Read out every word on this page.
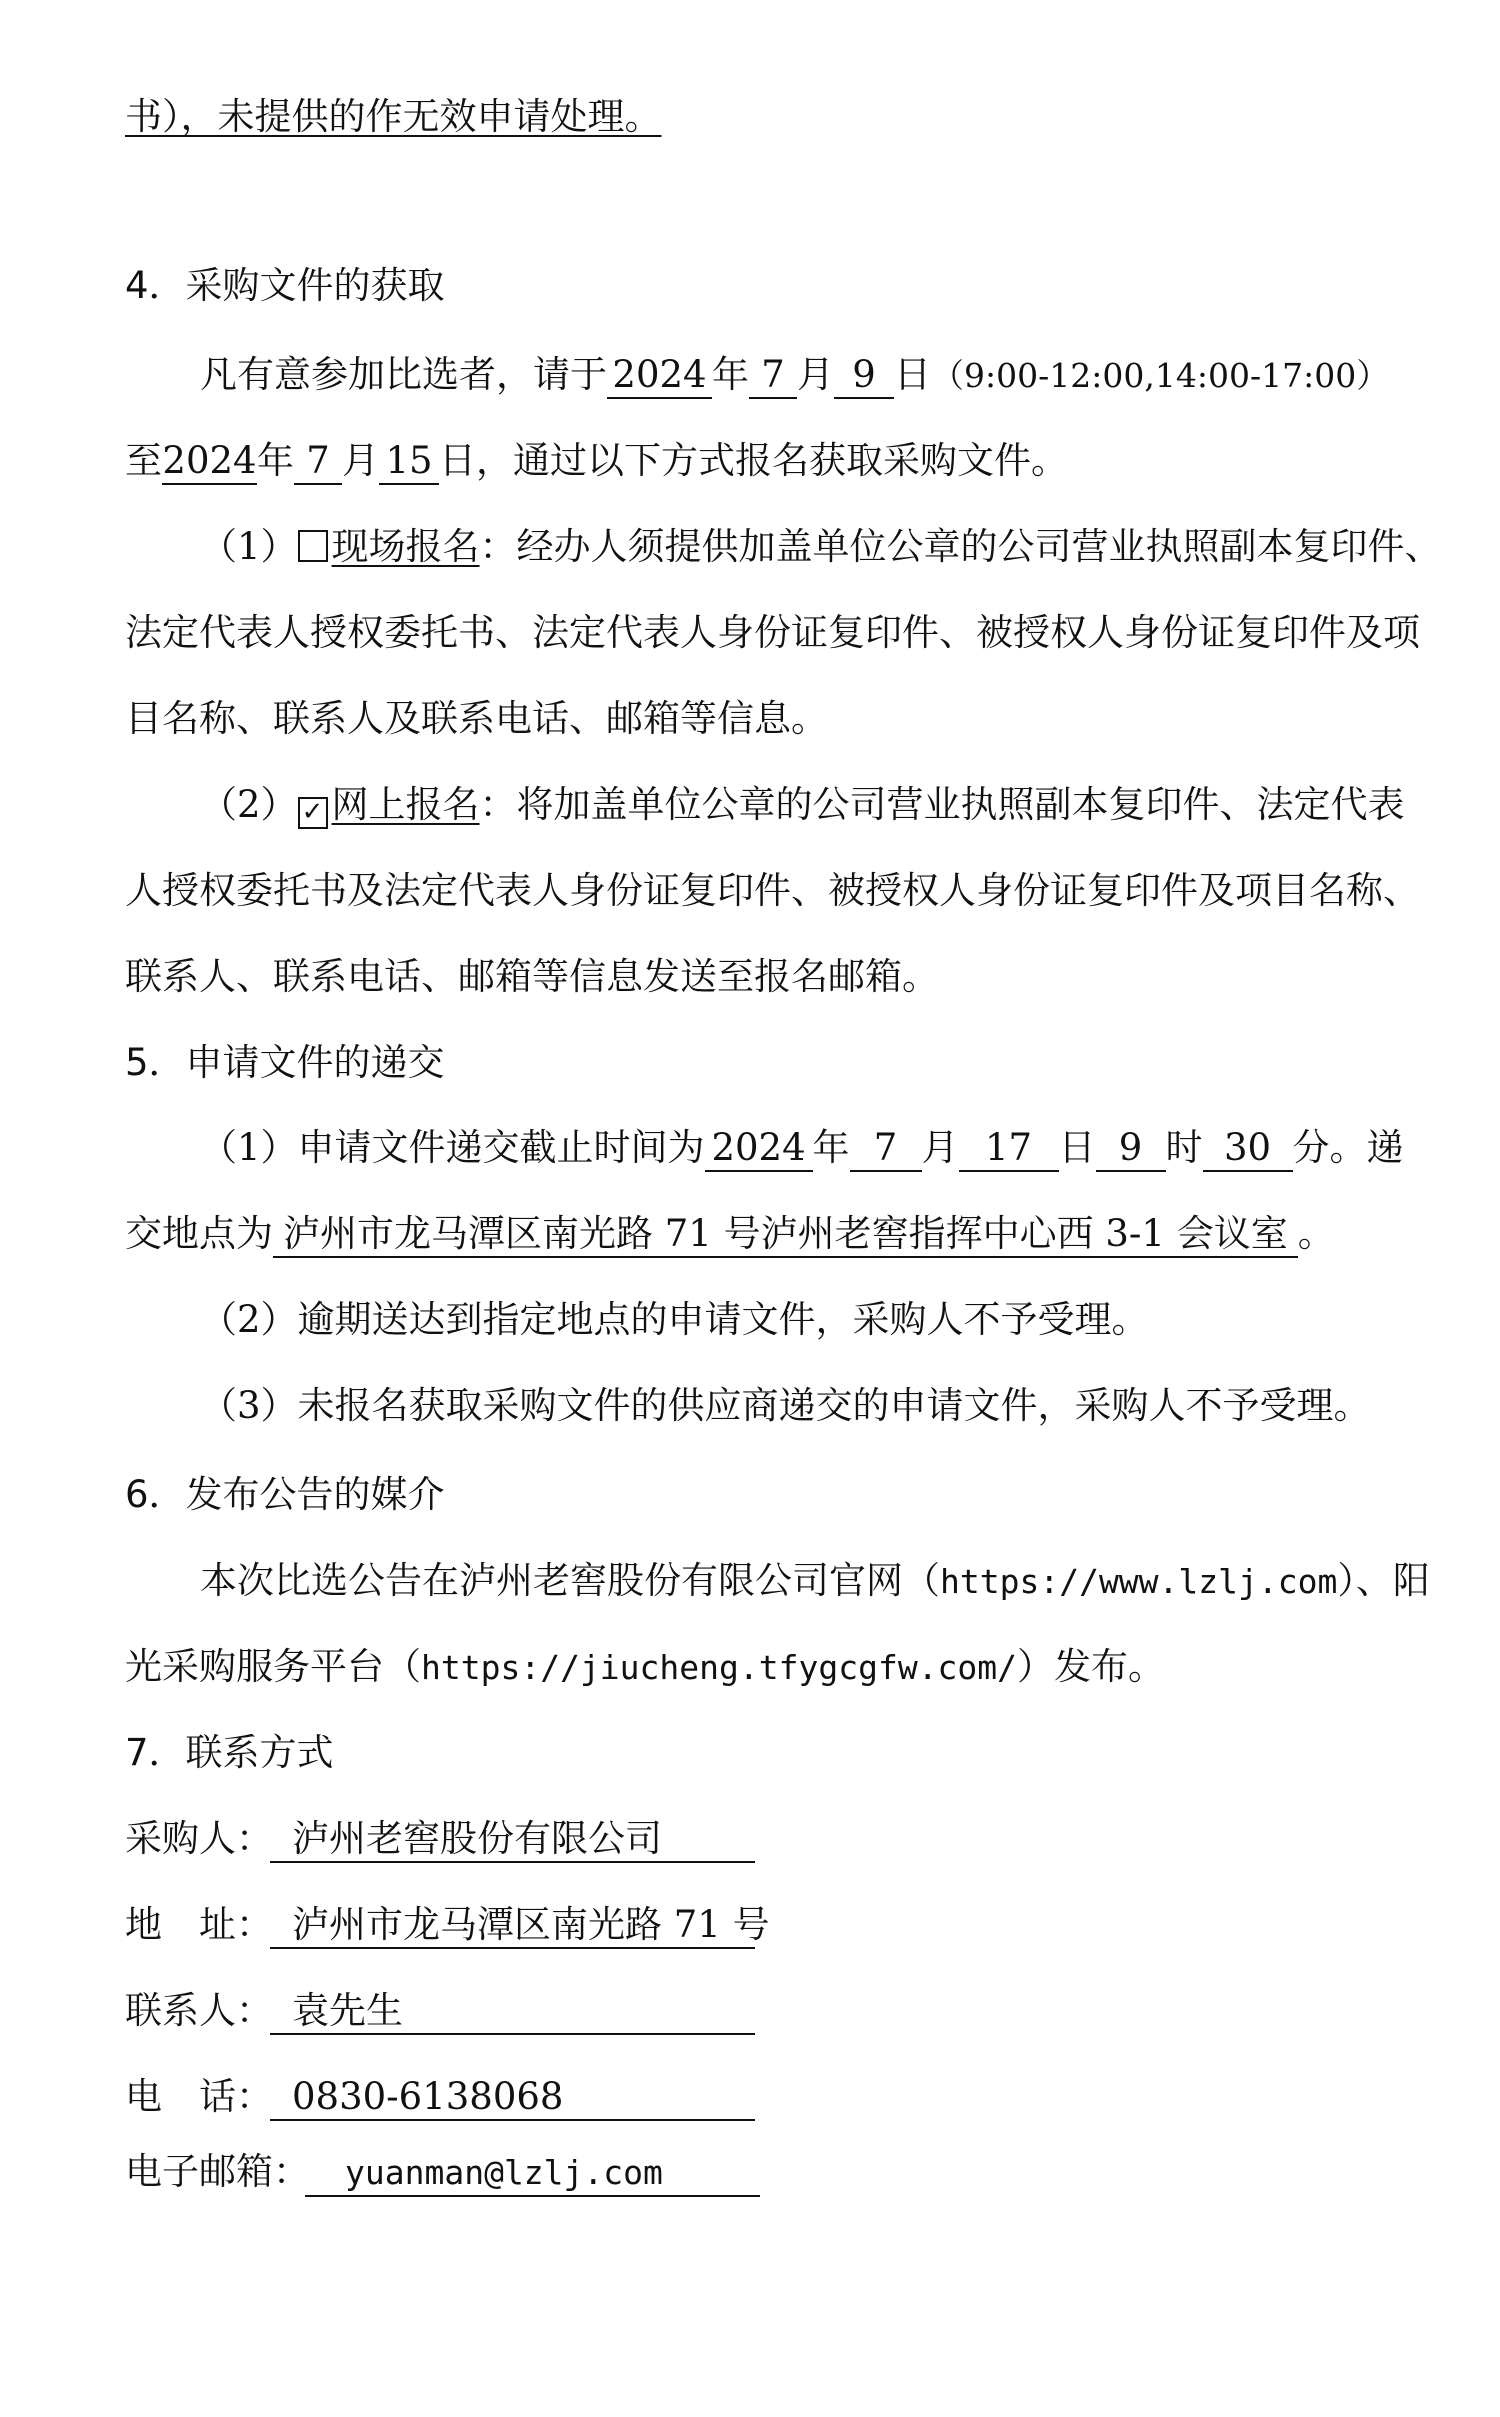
书），未提供的作无效申请处理。
4．采购文件的获取
凡有意参加比选者，请于 2024 年 7 月 9 日（9:00-12:00,14:00-17:00）
至2024年 7 月 15 日，通过以下方式报名获取采购文件。
（1） 现场报名：经办人须提供加盖单位公章的公司营业执照副本复印件、
法定代表人授权委托书、法定代表人身份证复印件、被授权人身份证复印件及项
目名称、联系人及联系电话、邮箱等信息。
（2） ✓ 网上报名：将加盖单位公章的公司营业执照副本复印件、法定代表
人授权委托书及法定代表人身份证复印件、被授权人身份证复印件及项目名称、
联系人、联系电话、邮箱等信息发送至报名邮箱。
5．申请文件的递交
（1）申请文件递交截止时间为 2024 年 7 月 17 日 9 时 30 分。递
交地点为 泸州市龙马潭区南光路 71 号泸州老窖指挥中心西 3-1 会议室 。
（2）逾期送达到指定地点的申请文件，采购人不予受理。
（3）未报名获取采购文件的供应商递交的申请文件，采购人不予受理。
6．发布公告的媒介
本次比选公告在泸州老窖股份有限公司官网（https://www.lzlj.com）、阳
光采购服务平台（https://jiucheng.tfygcgfw.com/）发布。
7．联系方式
采购人： 泸州老窖股份有限公司
地　址： 泸州市龙马潭区南光路 71 号
联系人： 袁先生
电　话： 0830-6138068
电子邮箱： yuanman@lzlj.com
